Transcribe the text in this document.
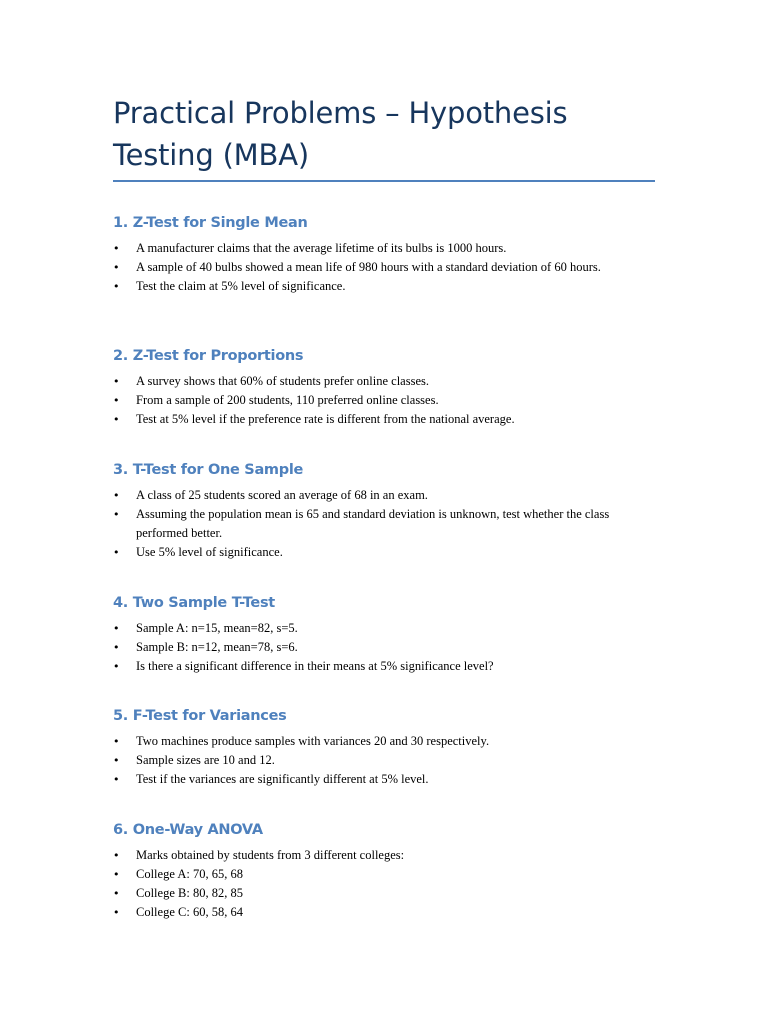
Practical Problems – Hypothesis Testing (MBA)
1. Z-Test for Single Mean
• A manufacturer claims that the average lifetime of its bulbs is 1000 hours.
• A sample of 40 bulbs showed a mean life of 980 hours with a standard deviation of 60 hours.
• Test the claim at 5% level of significance.
2. Z-Test for Proportions
• A survey shows that 60% of students prefer online classes.
• From a sample of 200 students, 110 preferred online classes.
• Test at 5% level if the preference rate is different from the national average.
3. T-Test for One Sample
• A class of 25 students scored an average of 68 in an exam.
• Assuming the population mean is 65 and standard deviation is unknown, test whether the class performed better.
• Use 5% level of significance.
4. Two Sample T-Test
• Sample A: n=15, mean=82, s=5.
• Sample B: n=12, mean=78, s=6.
• Is there a significant difference in their means at 5% significance level?
5. F-Test for Variances
• Two machines produce samples with variances 20 and 30 respectively.
• Sample sizes are 10 and 12.
• Test if the variances are significantly different at 5% level.
6. One-Way ANOVA
• Marks obtained by students from 3 different colleges:
• College A: 70, 65, 68
• College B: 80, 82, 85
• College C: 60, 58, 64
